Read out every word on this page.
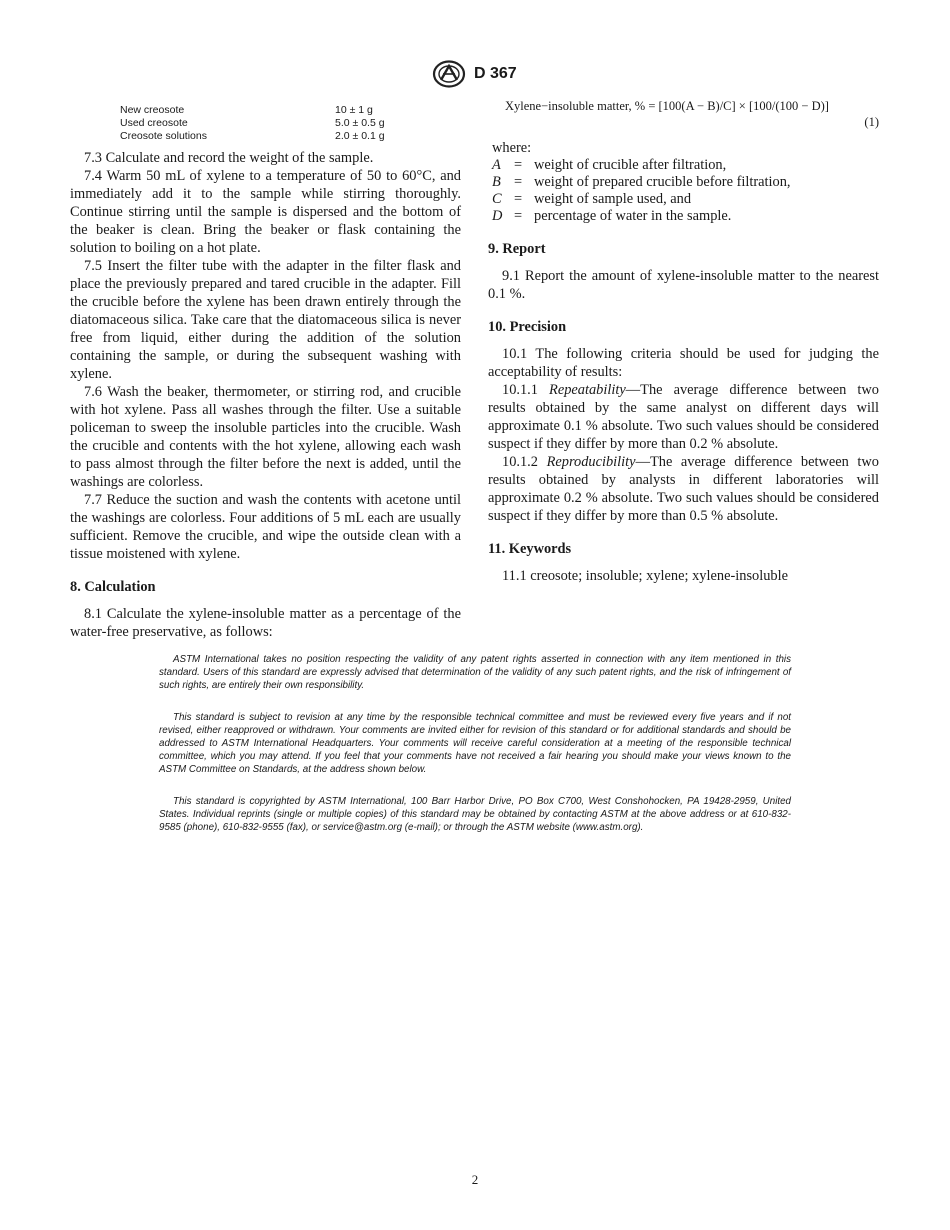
D 367
New creosote	10 ± 1 g
Used creosote	5.0 ± 0.5 g
Creosote solutions	2.0 ± 0.1 g

7.3 Calculate and record the weight of the sample.

7.4 Warm 50 mL of xylene to a temperature of 50 to 60°C, and immediately add it to the sample while stirring thoroughly. Continue stirring until the sample is dispersed and the bottom of the beaker is clean. Bring the beaker or flask containing the solution to boiling on a hot plate.

7.5 Insert the filter tube with the adapter in the filter flask and place the previously prepared and tared crucible in the adapter. Fill the crucible before the xylene has been drawn entirely through the diatomaceous silica. Take care that the diatomaceous silica is never free from liquid, either during the addition of the solution containing the sample, or during the subsequent washing with xylene.

7.6 Wash the beaker, thermometer, or stirring rod, and crucible with hot xylene. Pass all washes through the filter. Use a suitable policeman to sweep the insoluble particles into the crucible. Wash the crucible and contents with the hot xylene, allowing each wash to pass almost through the filter before the next is added, until the washings are colorless.

7.7 Reduce the suction and wash the contents with acetone until the washings are colorless. Four additions of 5 mL each are usually sufficient. Remove the crucible, and wipe the outside clean with a tissue moistened with xylene.

8. Calculation

8.1 Calculate the xylene-insoluble matter as a percentage of the water-free preservative, as follows:

Xylene−insoluble matter, % = [100(A − B)/C] × [100/(100 − D)]
(1)
where:
A	=	weight of crucible after filtration,
B	=	weight of prepared crucible before filtration,
C	=	weight of sample used, and
D	=	percentage of water in the sample.
9. Report

9.1 Report the amount of xylene-insoluble matter to the nearest 0.1 %.

10. Precision

10.1 The following criteria should be used for judging the acceptability of results:

10.1.1 Repeatability—The average difference between two results obtained by the same analyst on different days will approximate 0.1 % absolute. Two such values should be considered suspect if they differ by more than 0.2 % absolute.

10.1.2 Reproducibility—The average difference between two results obtained by analysts in different laboratories will approximate 0.2 % absolute. Two such values should be considered suspect if they differ by more than 0.5 % absolute.

11. Keywords

11.1 creosote; insoluble; xylene; xylene-insoluble

ASTM International takes no position respecting the validity of any patent rights asserted in connection with any item mentioned in this standard. Users of this standard are expressly advised that determination of the validity of any such patent rights, and the risk of infringement of such rights, are entirely their own responsibility.

This standard is subject to revision at any time by the responsible technical committee and must be reviewed every five years and if not revised, either reapproved or withdrawn. Your comments are invited either for revision of this standard or for additional standards and should be addressed to ASTM International Headquarters. Your comments will receive careful consideration at a meeting of the responsible technical committee, which you may attend. If you feel that your comments have not received a fair hearing you should make your views known to the ASTM Committee on Standards, at the address shown below.

This standard is copyrighted by ASTM International, 100 Barr Harbor Drive, PO Box C700, West Conshohocken, PA 19428-2959, United States. Individual reprints (single or multiple copies) of this standard may be obtained by contacting ASTM at the above address or at 610-832-9585 (phone), 610-832-9555 (fax), or service@astm.org (e-mail); or through the ASTM website (www.astm.org).

2
